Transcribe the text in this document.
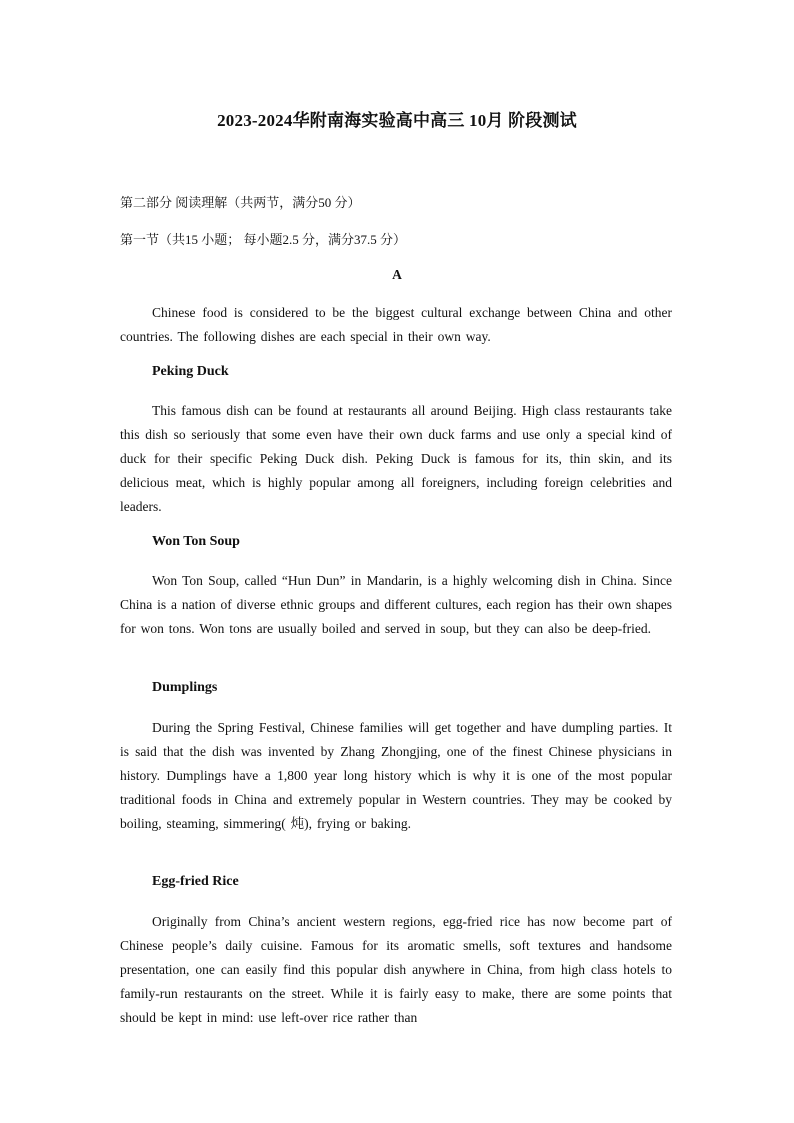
2023-2024华附南海实验高中高三 10月 阶段测试
第二部分 阅读理解（共两节，满分50 分）
第一节（共15 小题； 每小题2.5 分，满分37.5 分）
A
Chinese food is considered to be the biggest cultural exchange between China and other countries. The following dishes are each special in their own way.
Peking Duck
This famous dish can be found at restaurants all around Beijing. High class restaurants take this dish so seriously that some even have their own duck farms and use only a special kind of duck for their specific Peking Duck dish. Peking Duck is famous for its, thin skin, and its delicious meat, which is highly popular among all foreigners, including foreign celebrities and leaders.
Won Ton Soup
Won Ton Soup, called “Hun Dun” in Mandarin, is a highly welcoming dish in China. Since China is a nation of diverse ethnic groups and different cultures, each region has their own shapes for won tons. Won tons are usually boiled and served in soup, but they can also be deep-fried.
Dumplings
During the Spring Festival, Chinese families will get together and have dumpling parties. It is said that the dish was invented by Zhang Zhongjing, one of the finest Chinese physicians in history. Dumplings have a 1,800 year long history which is why it is one of the most popular traditional foods in China and extremely popular in Western countries. They may be cooked by boiling, steaming, simmering( 炖), frying or baking.
Egg-fried Rice
Originally from China’s ancient western regions, egg-fried rice has now become part of Chinese people’s daily cuisine. Famous for its aromatic smells, soft textures and handsome presentation, one can easily find this popular dish anywhere in China, from high class hotels to family-run restaurants on the street. While it is fairly easy to make, there are some points that should be kept in mind: use left-over rice rather than
